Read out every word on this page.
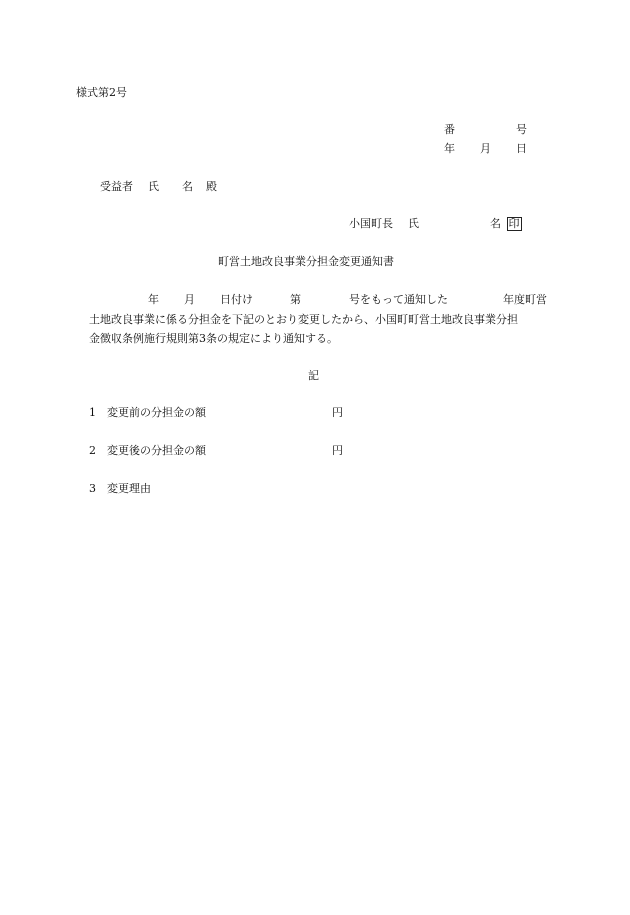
様式第2号
番	号
年 月 日
受益者 氏 名 殿
小国町長 氏	名 印
町営土地改良事業分担金変更通知書
年 月 日付け	第	号をもって通知した	年度町営
土地改良事業に係る分担金を下記のとおり変更したから、小国町町営土地改良事業分担
金徴収条例施行規則第3条の規定により通知する。
記
1 変更前の分担金の額	円
2 変更後の分担金の額	円
3 変更理由
